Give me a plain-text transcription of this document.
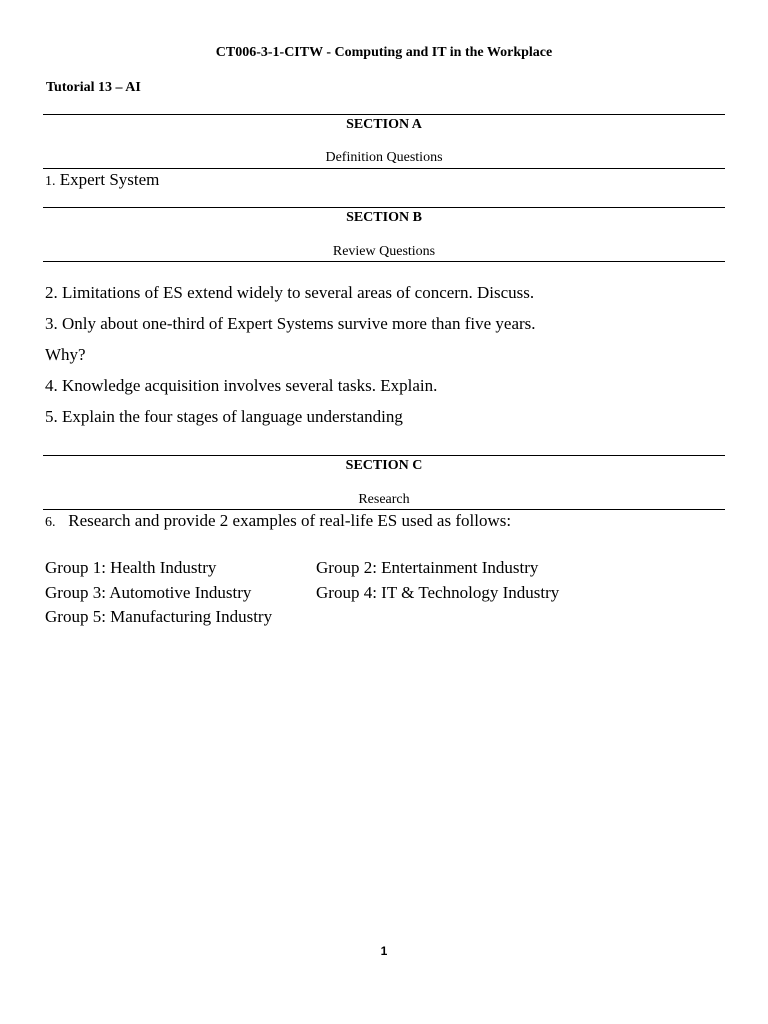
CT006-3-1-CITW - Computing and IT in the Workplace
Tutorial 13 – AI
SECTION A
Definition Questions
1. Expert System
SECTION B
Review Questions
2. Limitations of ES extend widely to several areas of concern. Discuss.
3. Only about one-third of Expert Systems survive more than five years.
Why?
4. Knowledge acquisition involves several tasks. Explain.
5. Explain the four stages of language understanding
SECTION C
Research
6. Research and provide 2 examples of real-life ES used as follows:
Group 1: Health Industry	Group 2: Entertainment Industry
Group 3: Automotive Industry	Group 4: IT & Technology Industry
Group 5: Manufacturing Industry
1
